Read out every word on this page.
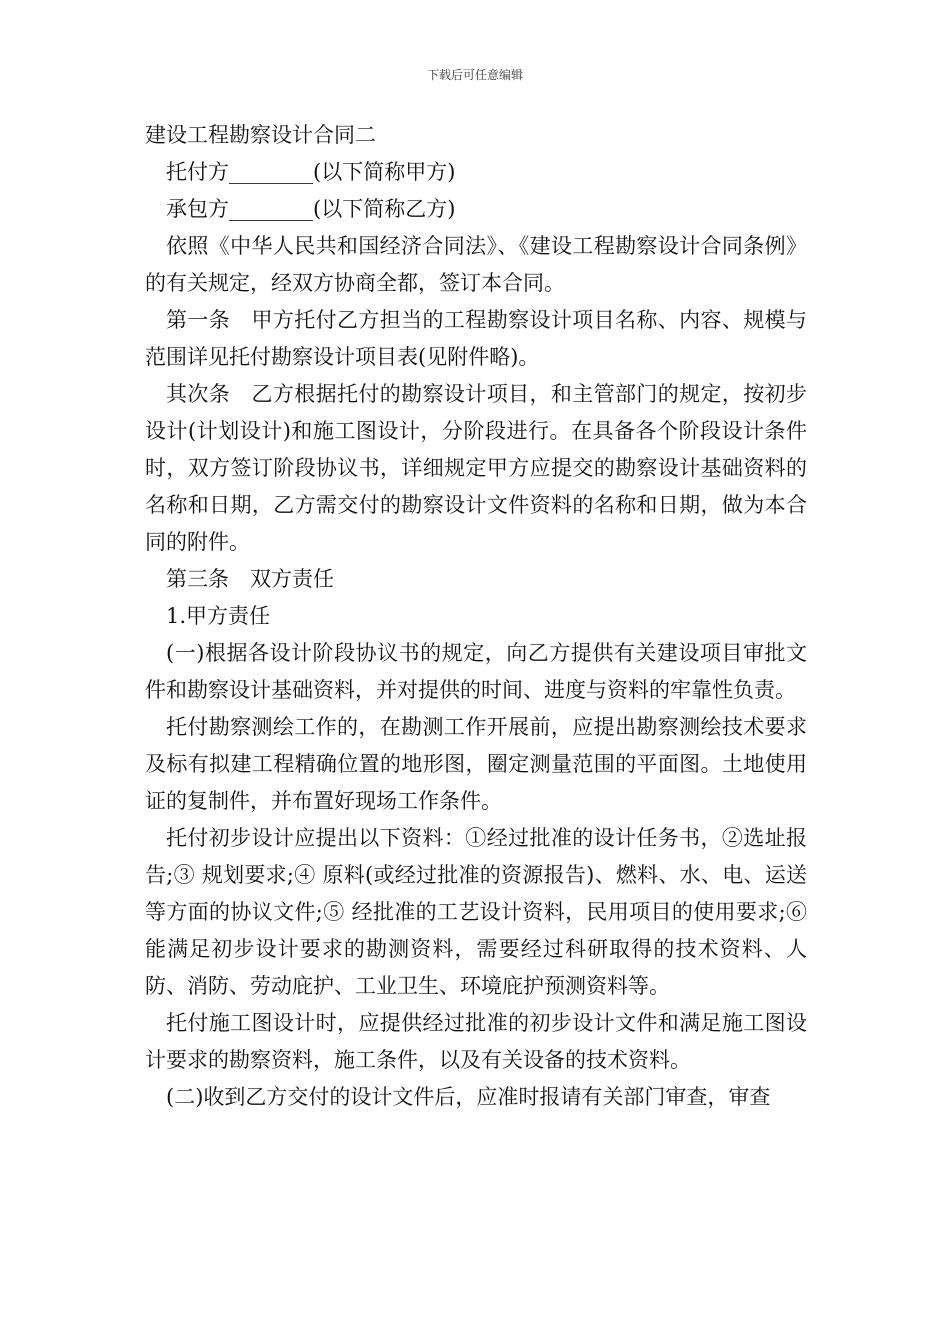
下载后可任意编辑

建设工程勘察设计合同二

托付方________(以下简称甲方)

承包方________(以下简称乙方)

依照《中华人民共和国经济合同法》、《建设工程勘察设计合同条例》的有关规定，经双方协商全都，签订本合同。

第一条　甲方托付乙方担当的工程勘察设计项目名称、内容、规模与范围详见托付勘察设计项目表(见附件略)。

其次条　乙方根据托付的勘察设计项目，和主管部门的规定，按初步设计(计划设计)和施工图设计，分阶段进行。在具备各个阶段设计条件时，双方签订阶段协议书，详细规定甲方应提交的勘察设计基础资料的名称和日期，乙方需交付的勘察设计文件资料的名称和日期，做为本合同的附件。

第三条　双方责任

1.甲方责任

(一)根据各设计阶段协议书的规定，向乙方提供有关建设项目审批文件和勘察设计基础资料，并对提供的时间、进度与资料的牢靠性负责。

托付勘察测绘工作的，在勘测工作开展前，应提出勘察测绘技术要求及标有拟建工程精确位置的地形图，圈定测量范围的平面图。土地使用证的复制件，并布置好现场工作条件。

托付初步设计应提出以下资料：①经过批准的设计任务书，②选址报告;③ 规划要求;④ 原料(或经过批准的资源报告)、燃料、水、电、运送等方面的协议文件;⑤ 经批准的工艺设计资料，民用项目的使用要求;⑥ 能满足初步设计要求的勘测资料，需要经过科研取得的技术资料、人防、消防、劳动庇护、工业卫生、环境庇护预测资料等。

托付施工图设计时，应提供经过批准的初步设计文件和满足施工图设计要求的勘察资料，施工条件，以及有关设备的技术资料。

(二)收到乙方交付的设计文件后，应准时报请有关部门审查，审查
